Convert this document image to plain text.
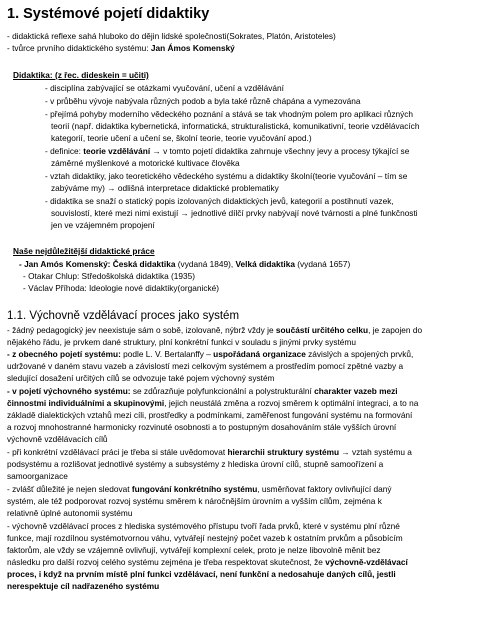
1. Systémové pojetí didaktiky
- didaktická reflexe sahá hluboko do dějin lidské společnosti(Sokrates, Platón, Aristoteles)
- tvůrce prvního didaktického systému: Jan Ámos Komenský
Didaktika: (z řec. dideskein = učiti)
- disciplína zabývající se otázkami vyučování, učení a vzdělávání
- v průběhu vývoje nabývala různých podob a byla také různě chápána a vymezována
- přejímá pohyby moderního vědeckého poznání a stává se tak vhodným polem pro aplikaci různých
teorií (např. didaktika kybernetická, informatická, strukturalistická, komunikativní, teorie vzdělávacích
kategorií, teorie učení a učení se, školní teorie, teorie vyučování apod.)
- definice: teorie vzdělávání → v tomto pojetí didaktika zahrnuje všechny jevy a procesy týkající se
záměrné myšlenkové a motorické kultivace člověka
- vztah didaktiky, jako teoretického vědeckého systému a didaktiky školní(teorie vyučování – tím se
zabýváme my) → odlišná interpretace didaktické problematiky
- didaktika se snaží o statický popis izolovaných didaktických jevů, kategorií a postihnutí vazek,
souvislostí, které mezi nimi existují → jednotlivé dílčí prvky nabývají nové tvárnosti a plné funkčnosti
jen ve vzájemném propojení
Naše nejdůležitější didaktické práce
- Jan Amós Komenský: Česká didaktika (vydaná 1849), Velká didaktika (vydaná 1657)
- Otakar Chlup: Středoškolská didaktika (1935)
- Václav Příhoda: Ideologie nové didaktiky(organické)
1.1. Výchovně vzdělávací proces jako systém
- žádný pedagogický jev neexistuje sám o sobě, izolovaně, nýbrž vždy je součástí určitého celku, je zapojen do
nějakého řádu, je prvkem dané struktury, plní konkrétní funkci v souladu s jinými prvky systému
- z obecného pojetí systému: podle L. V. Bertalanffy – uspořádaná organizace závislých a spojených prvků,
udržované v daném stavu vazeb a závislostí mezi celkovým systémem a prostředím pomocí zpětné vazby a
sledující dosažení určitých cílů se odvozuje také pojem výchovný systém
- v pojetí výchovného systému: se zdůrazňuje polyfunkcionální a polystrukturální charakter vazeb mezi
činnostmi individuálními a skupinovými, jejich neustálá změna a rozvoj směrem k optimální integraci, a to na
základě dialektických vztahů mezi cíli, prostředky a podmínkami, zaměřenost fungování systému na formování
a rozvoj mnohostranné harmonicky rozvinuté osobnosti a to postupným dosahováním stále vyšších úrovní
výchovně vzdělávacích cílů
- při konkrétní vzdělávací práci je třeba si stále uvědomovat hierarchii struktury systému → vztah systému a
podsystému a rozlišovat jednotlivé systémy a subsystémy z hlediska úrovní cílů, stupně samoořízení a
samoorganizace
- zvlášť důležité je nejen sledovat fungování konkrétního systému, usměrňovat faktory ovlivňující daný
systém, ale též podporovat rozvoj systému směrem k náročnějším úrovním a vyšším cílům, zejména k
relativně úplné autonomii systému
- výchovně vzdělávací proces z hlediska systémového přístupu tvoří řada prvků, které v systému plní různé
funkce, mají rozdílnou systémotvornou váhu, vytvářejí nestejný počet vazeb k ostatním prvkům a působícím
faktorům, ale vždy se vzájemně ovlivňují, vytvářejí komplexní celek, proto je nelze libovolně měnit bez
následku pro další rozvoj celého systému zejména je třeba respektovat skutečnost, že výchovně-vzdělávací
proces, i když na prvním místě plní funkci vzdělávací, není funkční a nedosahuje daných cílů, jestli
nerespektuje cíl nadřazeného systému
